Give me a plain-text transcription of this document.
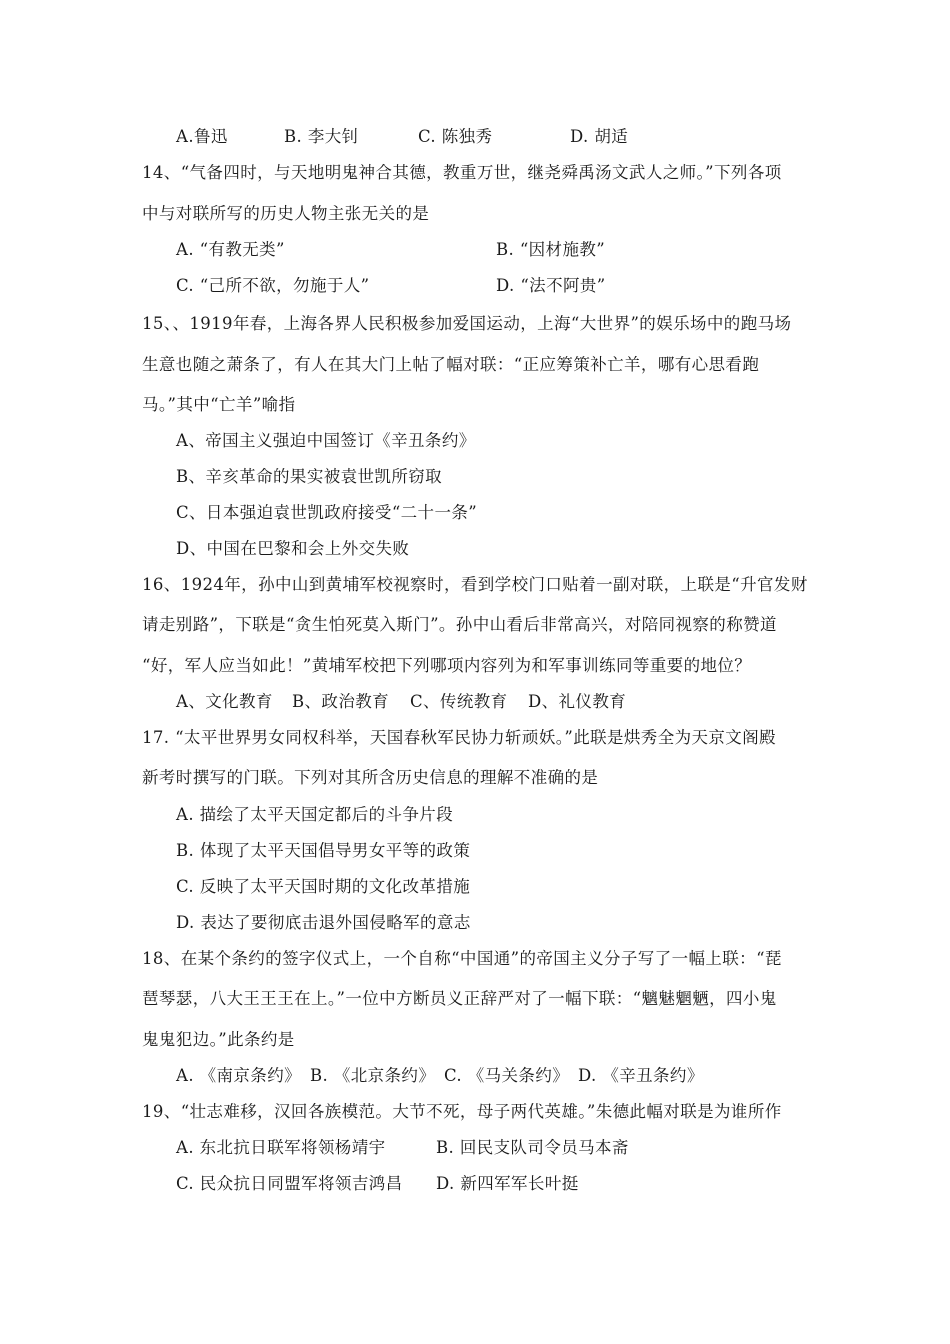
A.鲁迅	B. 李大钊	C. 陈独秀	D. 胡适
14、“气备四时，与天地明鬼神合其德，教重万世，继尧舜禹汤文武人之师。”下列各项
中与对联所写的历史人物主张无关的是
A. “有教无类”	B. “因材施教”
C. “己所不欲，勿施于人”	D. “法不阿贵”
15、、1919年春，上海各界人民积极参加爱国运动，上海“大世界”的娱乐场中的跑马场
生意也随之萧条了，有人在其大门上帖了幅对联：“正应筹策补亡羊，哪有心思看跑
马。”其中“亡羊”喻指
A、帝国主义强迫中国签订《辛丑条约》
B、辛亥革命的果实被袁世凯所窃取
C、日本强迫袁世凯政府接受“二十一条”
D、中国在巴黎和会上外交失败
16、1924年，孙中山到黄埔军校视察时，看到学校门口贴着一副对联，上联是“升官发财
请走别路”，下联是“贪生怕死莫入斯门”。孙中山看后非常高兴，对陪同视察的称赞道
“好，军人应当如此！”黄埔军校把下列哪项内容列为和军事训练同等重要的地位？
A、文化教育 B、政治教育 C、传统教育 D、礼仪教育
17. “太平世界男女同权科举，天国春秋军民协力斩顽妖。”此联是烘秀全为天京文阁殿
新考时撰写的门联。下列对其所含历史信息的理解不准确的是
A. 描绘了太平天国定都后的斗争片段
B. 体现了太平天国倡导男女平等的政策
C. 反映了太平天国时期的文化改革措施
D. 表达了要彻底击退外国侵略军的意志
18、在某个条约的签字仪式上，一个自称“中国通”的帝国主义分子写了一幅上联：“琵
琶琴瑟，八大王王王在上。”一位中方断员义正辞严对了一幅下联：“魑魅魍魉，四小鬼
鬼鬼犯边。”此条约是
A. 《南京条约》 B. 《北京条约》 C. 《马关条约》 D. 《辛丑条约》
19、“壮志难移，汉回各族模范。大节不死，母子两代英雄。”朱德此幅对联是为谁所作
A. 东北抗日联军将领杨靖宇	B. 回民支队司令员马本斋
C. 民众抗日同盟军将领吉鸿昌 D. 新四军军长叶挺
